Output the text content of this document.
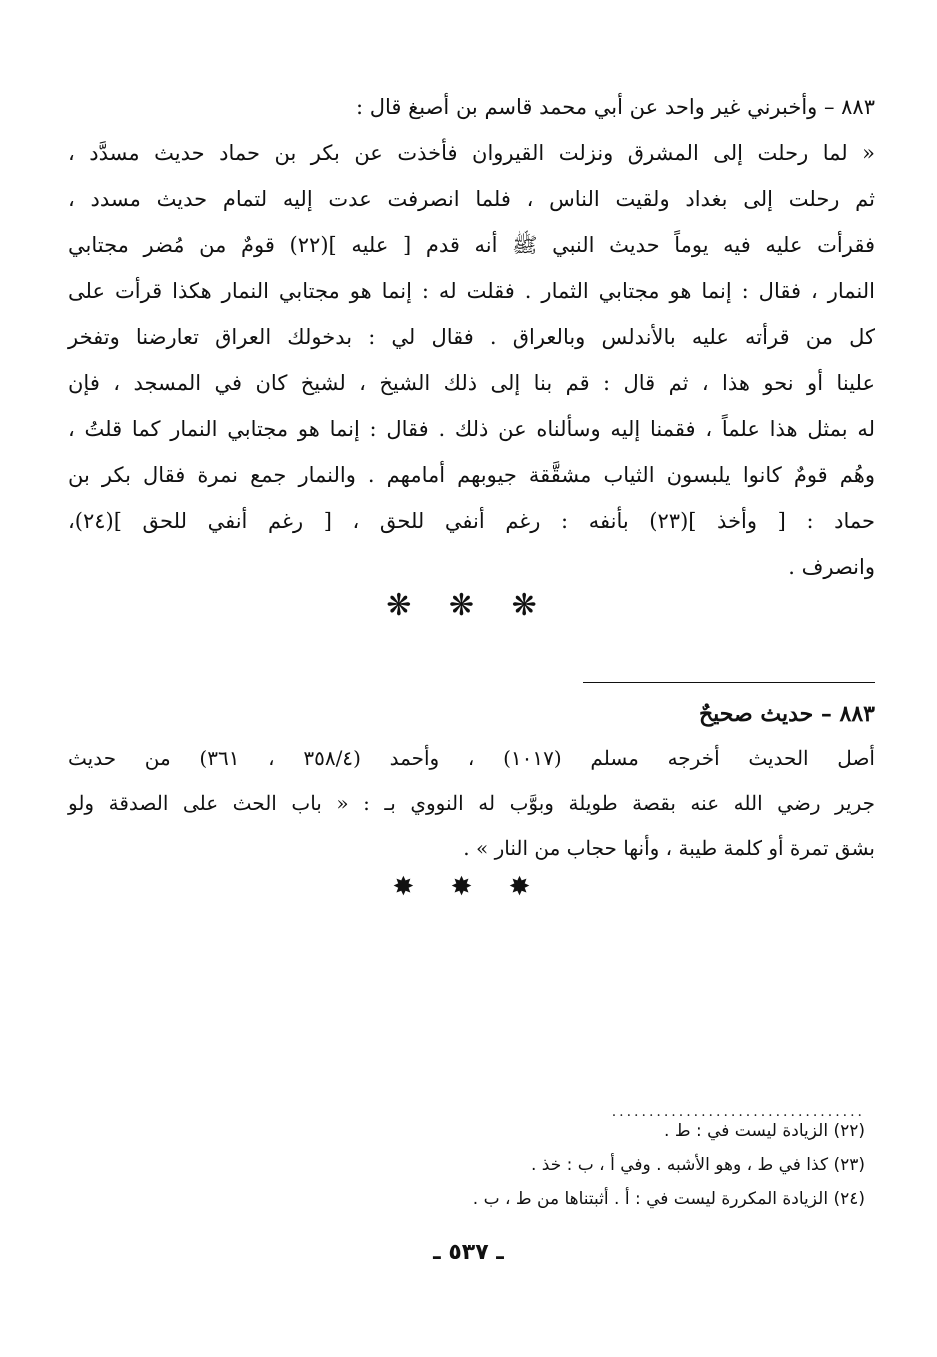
٨٨٣ – وأخبرني غير واحد عن أبي محمد قاسم بن أصبغ قال :
« لما رحلت إلى المشرق ونزلت القيروان فأخذت عن بكر بن حماد حديث مسدَّد ،
ثم رحلت إلى بغداد ولقيت الناس ، فلما انصرفت عدت إليه لتمام حديث مسدد ،
فقرأت عليه فيه يوماً حديث النبي ﷺ أنه قدم [ عليه ](٢٢) قومٌ من مُضر مجتابي
النمار ، فقال : إنما هو مجتابي الثمار . فقلت له : إنما هو مجتابي النمار هكذا قرأت على
كل من قرأته عليه بالأندلس وبالعراق . فقال لي : بدخولك العراق تعارضنا وتفخر
علينا أو نحو هذا ، ثم قال : قم بنا إلى ذلك الشيخ ، لشيخ كان في المسجد ، فإن
له بمثل هذا علماً ، فقمنا إليه وسألناه عن ذلك . فقال : إنما هو مجتابي النمار كما قلتُ ،
وهُم قومٌ كانوا يلبسون الثياب مشقَّقة جيوبهم أمامهم . والنمار جمع نمرة فقال بكر بن
حماد : [ وأخذ ](٢٣) بأنفه : رغم أنفي للحق ، [ رغم أنفي للحق ](٢٤)،
وانصرف .
❋ ❋ ❋
٨٨٣ – حديث صحيحٌ
أصل الحديث أخرجه مسلم (١٠١٧) ، وأحمد (٣٥٨/٤ ، ٣٦١) من حديث
جرير رضي الله عنه بقصة طويلة وبوَّب له النووي بـ : « باب الحث على الصدقة ولو
بشق تمرة أو كلمة طيبة ، وأنها حجاب من النار » .
✸ ✸ ✸
..................................
(٢٢) الزيادة ليست في : ط .
(٢٣) كذا في ط ، وهو الأشبه . وفي أ ، ب : خذ .
(٢٤) الزيادة المكررة ليست في : أ . أثبتناها من ط ، ب .
ـ ٥٣٧ ـ
